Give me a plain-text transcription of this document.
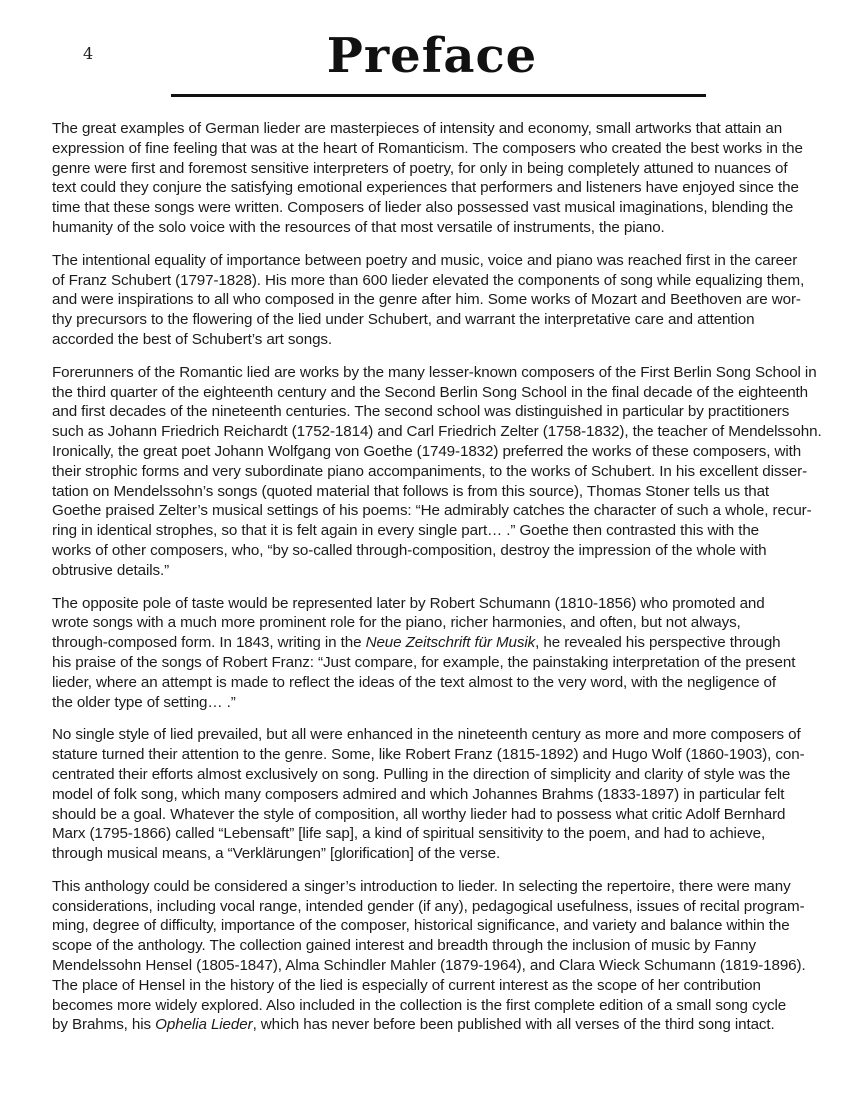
4	Preface
The great examples of German lieder are masterpieces of intensity and economy, small artworks that attain an
expression of fine feeling that was at the heart of Romanticism. The composers who created the best works in the
genre were first and foremost sensitive interpreters of poetry, for only in being completely attuned to nuances of
text could they conjure the satisfying emotional experiences that performers and listeners have enjoyed since the
time that these songs were written. Composers of lieder also possessed vast musical imaginations, blending the
humanity of the solo voice with the resources of that most versatile of instruments, the piano.
The intentional equality of importance between poetry and music, voice and piano was reached first in the career
of Franz Schubert (1797-1828). His more than 600 lieder elevated the components of song while equalizing them,
and were inspirations to all who composed in the genre after him. Some works of Mozart and Beethoven are wor-
thy precursors to the flowering of the lied under Schubert, and warrant the interpretative care and attention
accorded the best of Schubert’s art songs.
Forerunners of the Romantic lied are works by the many lesser-known composers of the First Berlin Song School in
the third quarter of the eighteenth century and the Second Berlin Song School in the final decade of the eighteenth
and first decades of the nineteenth centuries. The second school was distinguished in particular by practitioners
such as Johann Friedrich Reichardt (1752-1814) and Carl Friedrich Zelter (1758-1832), the teacher of Mendelssohn.
Ironically, the great poet Johann Wolfgang von Goethe (1749-1832) preferred the works of these composers, with
their strophic forms and very subordinate piano accompaniments, to the works of Schubert. In his excellent disser-
tation on Mendelssohn’s songs (quoted material that follows is from this source), Thomas Stoner tells us that
Goethe praised Zelter’s musical settings of his poems: “He admirably catches the character of such a whole, recur-
ring in identical strophes, so that it is felt again in every single part… .” Goethe then contrasted this with the
works of other composers, who, “by so-called through-composition, destroy the impression of the whole with
obtrusive details.”
The opposite pole of taste would be represented later by Robert Schumann (1810-1856) who promoted and
wrote songs with a much more prominent role for the piano, richer harmonies, and often, but not always,
through-composed form. In 1843, writing in the Neue Zeitschrift für Musik, he revealed his perspective through
his praise of the songs of Robert Franz: “Just compare, for example, the painstaking interpretation of the present
lieder, where an attempt is made to reflect the ideas of the text almost to the very word, with the negligence of
the older type of setting… .”
No single style of lied prevailed, but all were enhanced in the nineteenth century as more and more composers of
stature turned their attention to the genre. Some, like Robert Franz (1815-1892) and Hugo Wolf (1860-1903), con-
centrated their efforts almost exclusively on song. Pulling in the direction of simplicity and clarity of style was the
model of folk song, which many composers admired and which Johannes Brahms (1833-1897) in particular felt
should be a goal. Whatever the style of composition, all worthy lieder had to possess what critic Adolf Bernhard
Marx (1795-1866) called “Lebensaft” [life sap], a kind of spiritual sensitivity to the poem, and had to achieve,
through musical means, a “Verklärungen” [glorification] of the verse.
This anthology could be considered a singer’s introduction to lieder. In selecting the repertoire, there were many
considerations, including vocal range, intended gender (if any), pedagogical usefulness, issues of recital program-
ming, degree of difficulty, importance of the composer, historical significance, and variety and balance within the
scope of the anthology. The collection gained interest and breadth through the inclusion of music by Fanny
Mendelssohn Hensel (1805-1847), Alma Schindler Mahler (1879-1964), and Clara Wieck Schumann (1819-1896).
The place of Hensel in the history of the lied is especially of current interest as the scope of her contribution
becomes more widely explored. Also included in the collection is the first complete edition of a small song cycle
by Brahms, his Ophelia Lieder, which has never before been published with all verses of the third song intact.
